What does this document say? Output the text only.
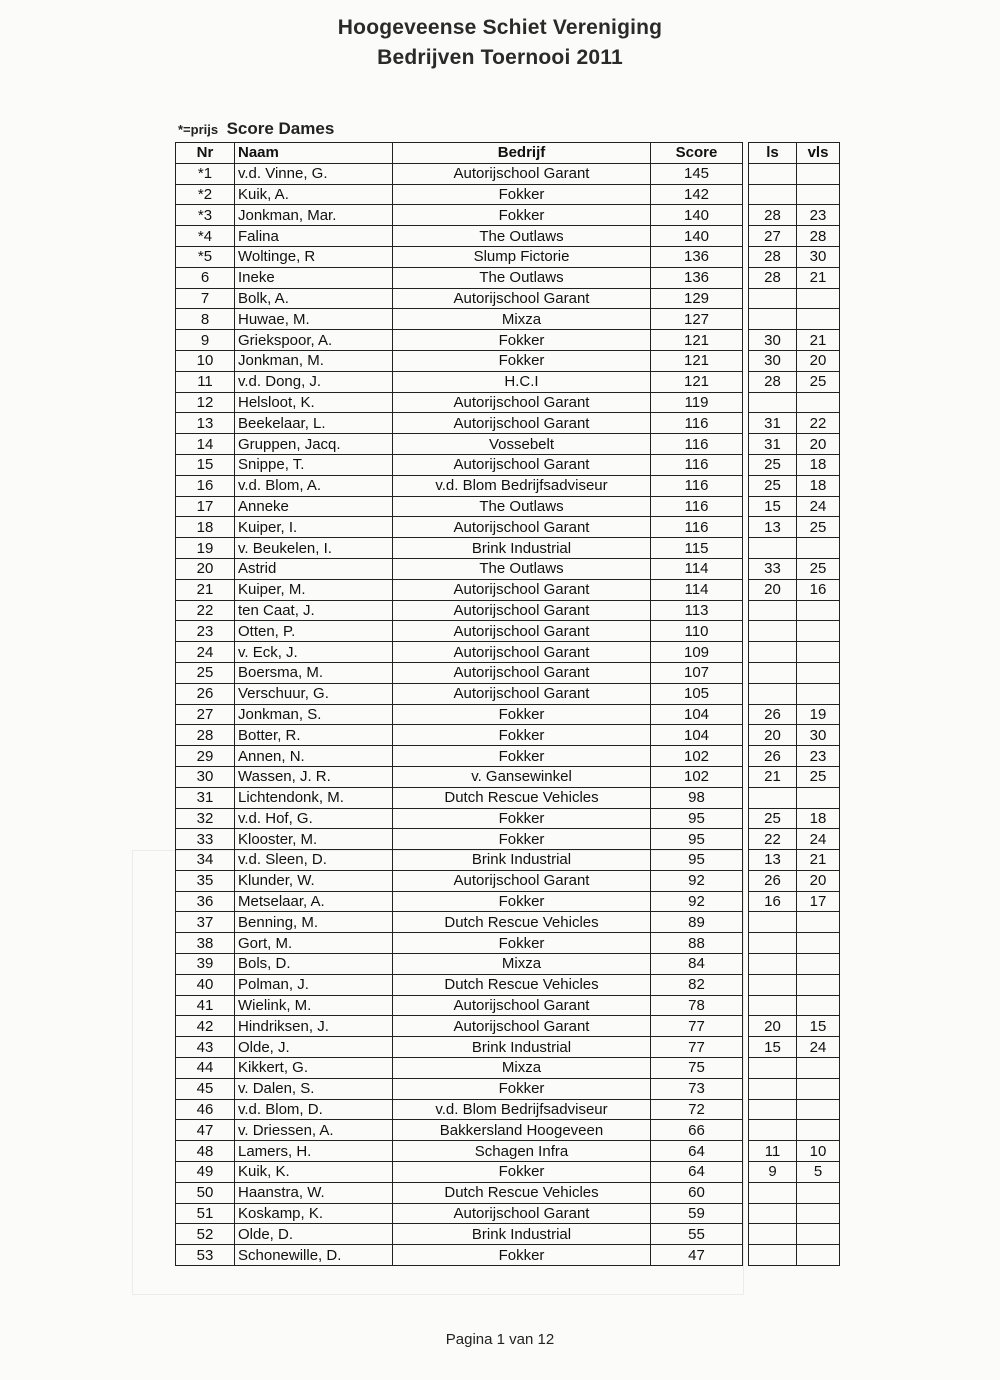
Hoogeveense Schiet Vereniging
Bedrijven Toernooi 2011
*=prijs Score Dames
Nr	Naam	Bedrijf	Score		ls	vls
*1	v.d. Vinne, G.	Autorijschool Garant	145			
*2	Kuik, A.	Fokker	142			
*3	Jonkman, Mar.	Fokker	140		28	23
*4	Falina	The Outlaws	140		27	28
*5	Woltinge, R	Slump Fictorie	136		28	30
6	Ineke	The Outlaws	136		28	21
7	Bolk, A.	Autorijschool Garant	129			
8	Huwae, M.	Mixza	127			
9	Griekspoor, A.	Fokker	121		30	21
10	Jonkman, M.	Fokker	121		30	20
11	v.d. Dong, J.	H.C.I	121		28	25
12	Helsloot, K.	Autorijschool Garant	119			
13	Beekelaar, L.	Autorijschool Garant	116		31	22
14	Gruppen, Jacq.	Vossebelt	116		31	20
15	Snippe, T.	Autorijschool Garant	116		25	18
16	v.d. Blom, A.	v.d. Blom Bedrijfsadviseur	116		25	18
17	Anneke	The Outlaws	116		15	24
18	Kuiper, I.	Autorijschool Garant	116		13	25
19	v. Beukelen, I.	Brink Industrial	115			
20	Astrid	The Outlaws	114		33	25
21	Kuiper, M.	Autorijschool Garant	114		20	16
22	ten Caat, J.	Autorijschool Garant	113			
23	Otten, P.	Autorijschool Garant	110			
24	v. Eck, J.	Autorijschool Garant	109			
25	Boersma, M.	Autorijschool Garant	107			
26	Verschuur, G.	Autorijschool Garant	105			
27	Jonkman, S.	Fokker	104		26	19
28	Botter, R.	Fokker	104		20	30
29	Annen, N.	Fokker	102		26	23
30	Wassen, J. R.	v. Gansewinkel	102		21	25
31	Lichtendonk, M.	Dutch Rescue Vehicles	98			
32	v.d. Hof, G.	Fokker	95		25	18
33	Klooster, M.	Fokker	95		22	24
34	v.d. Sleen, D.	Brink Industrial	95		13	21
35	Klunder, W.	Autorijschool Garant	92		26	20
36	Metselaar, A.	Fokker	92		16	17
37	Benning, M.	Dutch Rescue Vehicles	89			
38	Gort, M.	Fokker	88			
39	Bols, D.	Mixza	84			
40	Polman, J.	Dutch Rescue Vehicles	82			
41	Wielink, M.	Autorijschool Garant	78			
42	Hindriksen, J.	Autorijschool Garant	77		20	15
43	Olde, J.	Brink Industrial	77		15	24
44	Kikkert, G.	Mixza	75			
45	v. Dalen, S.	Fokker	73			
46	v.d. Blom, D.	v.d. Blom Bedrijfsadviseur	72			
47	v. Driessen, A.	Bakkersland Hoogeveen	66			
48	Lamers, H.	Schagen Infra	64		11	10
49	Kuik, K.	Fokker	64		9	5
50	Haanstra, W.	Dutch Rescue Vehicles	60			
51	Koskamp, K.	Autorijschool Garant	59			
52	Olde, D.	Brink Industrial	55			
53	Schonewille, D.	Fokker	47			
Pagina 1 van 12
